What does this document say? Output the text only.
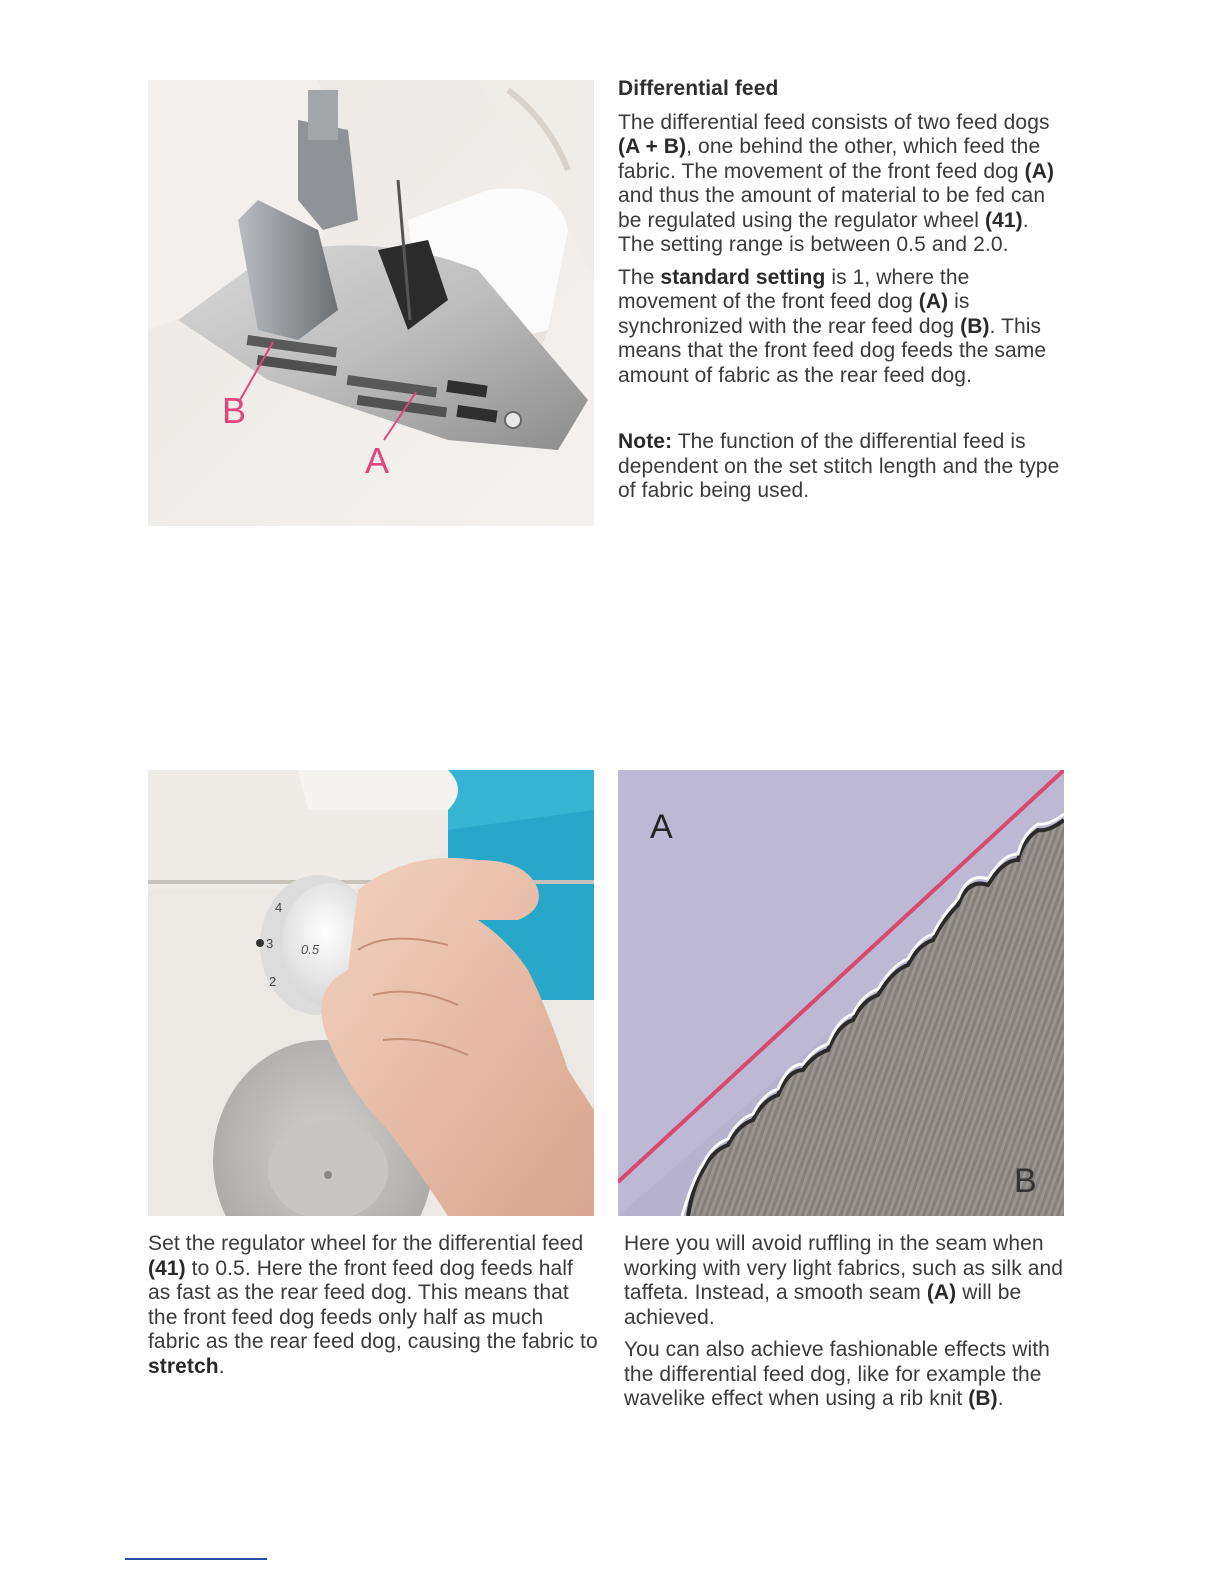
B
A
Differential feed

The differential feed consists of two feed dogs (A + B), one behind the other, which feed the fabric. The movement of the front feed dog (A) and thus the amount of material to be fed can be regulated using the regulator wheel (41). The setting range is between 0.5 and 2.0.

The standard setting is 1, where the movement of the front feed dog (A) is synchronized with the rear feed dog (B). This means that the front feed dog feeds the same amount of fabric as the rear feed dog.

Note: The function of the differential feed is dependent on the set stitch length and the type of fabric being used.

4
3
2
0.5
A
B

Set the regulator wheel for the differential feed (41) to 0.5. Here the front feed dog feeds half as fast as the rear feed dog. This means that the front feed dog feeds only half as much fabric as the rear feed dog, causing the fabric to stretch.

Here you will avoid ruffling in the seam when working with very light fabrics, such as silk and taffeta. Instead, a smooth seam (A) will be achieved.

You can also achieve fashionable effects with the differential feed dog, like for example the wavelike effect when using a rib knit (B).
